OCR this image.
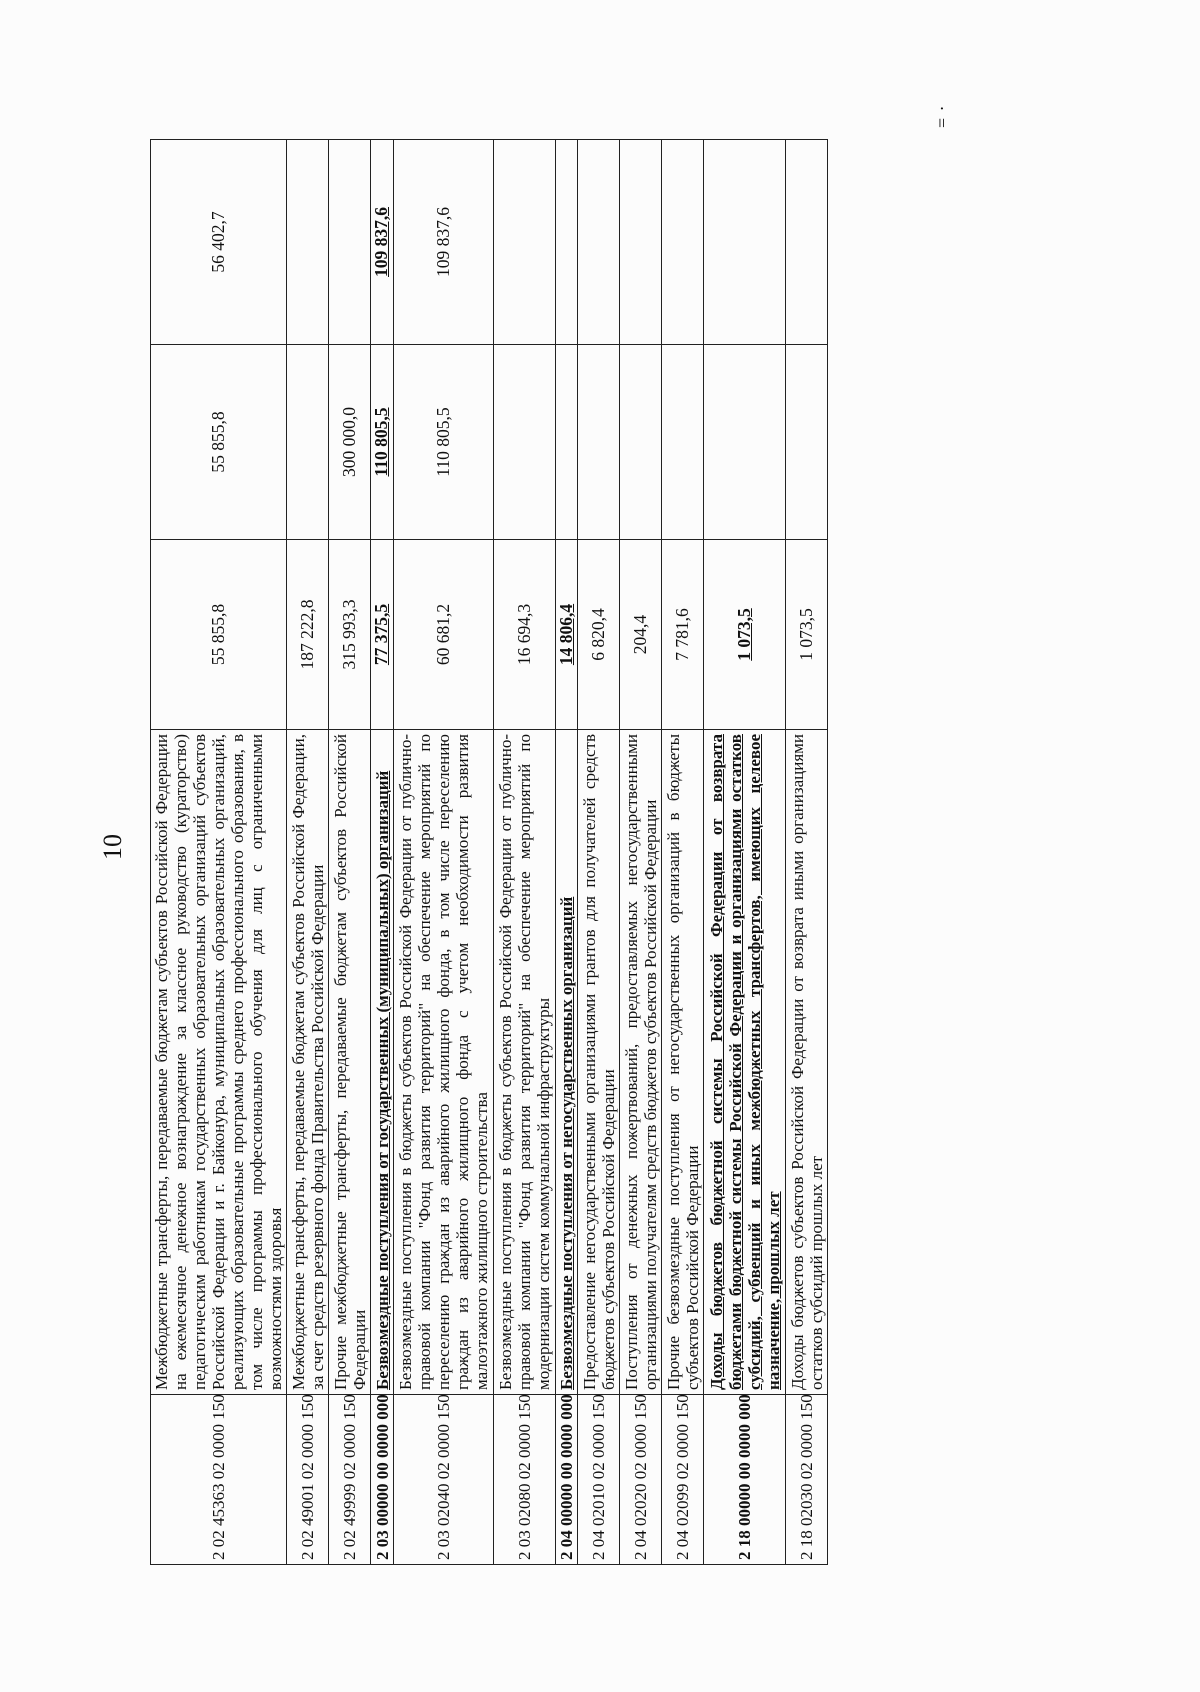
10
= ·
2 02 45363 02 0000 150	Межбюджетные трансферты, передаваемые бюджетам субъектов Российской Федерации на ежемесячное денежное вознаграждение за классное руководство (кураторство) педагогическим работникам государственных образовательных организаций субъектов Российской Федерации и г. Байконура, муниципальных образовательных организаций, реализующих образовательные программы среднего профессионального образования, в том числе программы профессионального обучения для лиц с ограниченными возможностями здоровья	55 855,8	55 855,8	56 402,7
2 02 49001 02 0000 150	Межбюджетные трансферты, передаваемые бюджетам субъектов Российской Федерации, за счет средств резервного фонда Правительства Российской Федерации	187 222,8		
2 02 49999 02 0000 150	Прочие межбюджетные трансферты, передаваемые бюджетам субъектов Российской Федерации	315 993,3	300 000,0	
2 03 00000 00 0000 000	Безвозмездные поступления от государственных (муниципальных) организаций	77 375,5	110 805,5	109 837,6
2 03 02040 02 0000 150	Безвозмездные поступления в бюджеты субъектов Российской Федерации от публично-правовой компании "Фонд развития территорий" на обеспечение мероприятий по переселению граждан из аварийного жилищного фонда, в том числе переселению граждан из аварийного жилищного фонда с учетом необходимости развития малоэтажного жилищного строительства	60 681,2	110 805,5	109 837,6
2 03 02080 02 0000 150	Безвозмездные поступления в бюджеты субъектов Российской Федерации от публично-правовой компании "Фонд развития территорий" на обеспечение мероприятий по модернизации систем коммунальной инфраструктуры	16 694,3		
2 04 00000 00 0000 000	Безвозмездные поступления от негосударственных организаций	14 806,4		
2 04 02010 02 0000 150	Предоставление негосударственными организациями грантов для получателей средств бюджетов субъектов Российской Федерации	6 820,4		
2 04 02020 02 0000 150	Поступления от денежных пожертвований, предоставляемых негосударственными организациями получателям средств бюджетов субъектов Российской Федерации	204,4		
2 04 02099 02 0000 150	Прочие безвозмездные поступления от негосударственных организаций в бюджеты субъектов Российской Федерации	7 781,6		
2 18 00000 00 0000 000	Доходы бюджетов бюджетной системы Российской Федерации от возврата бюджетами бюджетной системы Российской Федерации и организациями остатков субсидий, субвенций и иных межбюджетных трансфертов, имеющих целевое назначение, прошлых лет	1 073,5		
2 18 02030 02 0000 150	Доходы бюджетов субъектов Российской Федерации от возврата иными организациями остатков субсидий прошлых лет	1 073,5		
